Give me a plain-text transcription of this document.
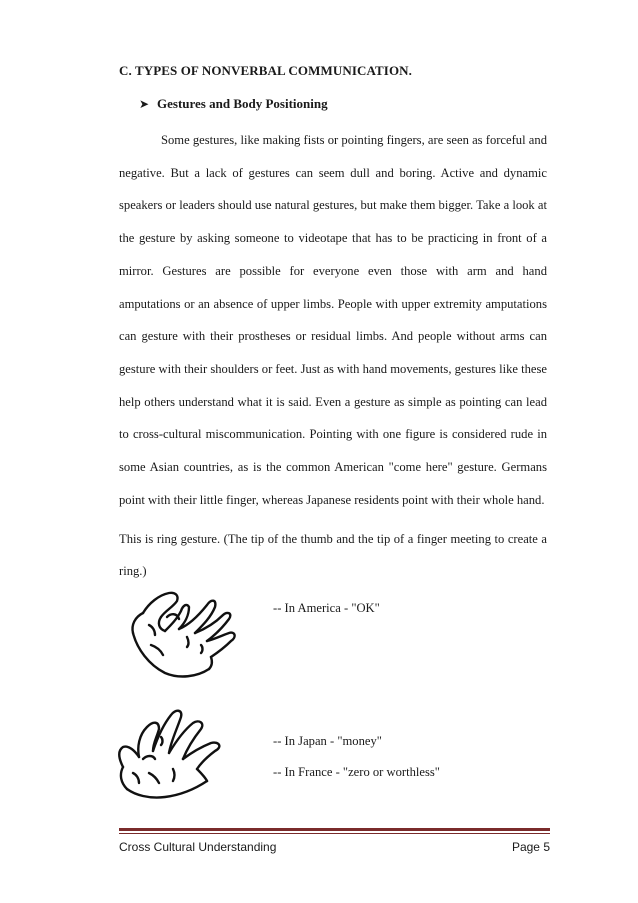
C. TYPES OF NONVERBAL COMMUNICATION.
➤ Gestures and Body Positioning

Some gestures, like making fists or pointing fingers, are seen as forceful and negative. But a lack of gestures can seem dull and boring. Active and dynamic speakers or leaders should use natural gestures, but make them bigger. Take a look at the gesture by asking someone to videotape that has to be practicing in front of a mirror. Gestures are possible for everyone even those with arm and hand amputations or an absence of upper limbs. People with upper extremity amputations can gesture with their prostheses or residual limbs. And people without arms can gesture with their shoulders or feet. Just as with hand movements, gestures like these help others understand what it is said. Even a gesture as simple as pointing can lead to cross-cultural miscommunication. Pointing with one figure is considered rude in some Asian countries, as is the common American "come here" gesture. Germans point with their little finger, whereas Japanese residents point with their whole hand.

This is ring gesture. (The tip of the thumb and the tip of a finger meeting to create a ring.)

-- In America - "OK"
-- In Japan - "money"
-- In France - "zero or worthless"
Cross Cultural Understanding	Page 5
